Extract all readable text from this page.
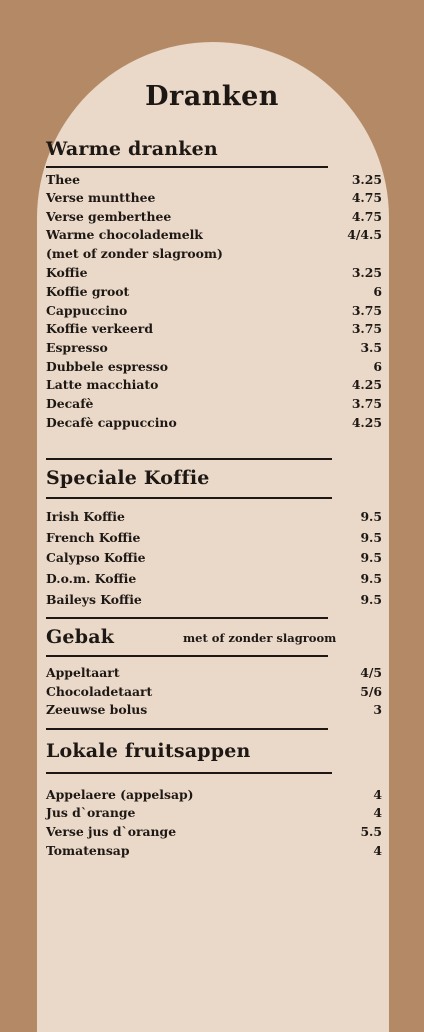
Dranken
Warme dranken
Thee	3.25
Verse muntthee	4.75
Verse gemberthee	4.75
Warme chocolademelk	4/4.5
(met of zonder slagroom)
Koffie	3.25
Koffie groot	6
Cappuccino	3.75
Koffie verkeerd	3.75
Espresso	3.5
Dubbele espresso	6
Latte macchiato	4.25
Decafè	3.75
Decafè cappuccino	4.25
Speciale Koffie
Irish Koffie	9.5
French Koffie	9.5
Calypso Koffie	9.5
D.o.m. Koffie	9.5
Baileys Koffie	9.5
Gebak	met of zonder slagroom
Appeltaart	4/5
Chocoladetaart	5/6
Zeeuwse bolus	3
Lokale fruitsappen
Appelaere (appelsap)	4
Jus d`orange	4
Verse jus d`orange	5.5
Tomatensap	4
